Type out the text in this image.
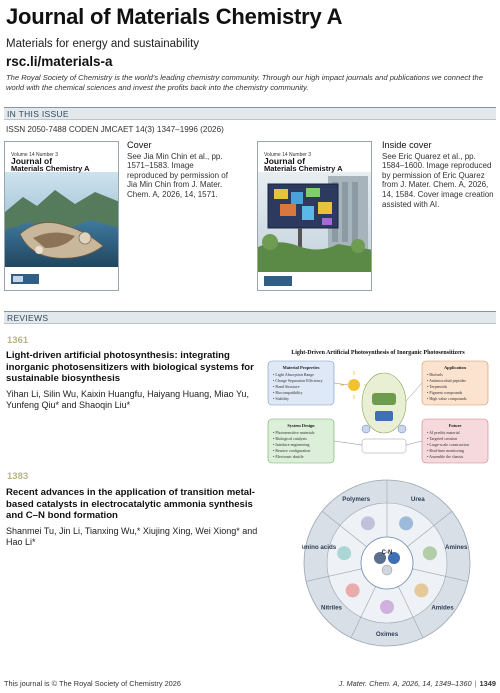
Journal of Materials Chemistry A
Materials for energy and sustainability
rsc.li/materials-a
The Royal Society of Chemistry is the world's leading chemistry community. Through our high impact journals and publications we connect the world with the chemical sciences and invest the profits back into the chemistry community.
IN THIS ISSUE
ISSN 2050-7488 CODEN JMCAET 14(3) 1347–1996 (2026)
Volume 14 Number 3
Journal of
Materials Chemistry A
Cover
See Jia Min Chin et al., pp. 1571–1583. Image reproduced by permission of Jia Min Chin from J. Mater. Chem. A, 2026, 14, 1571.
Volume 14 Number 3
Journal of
Materials Chemistry A
Inside cover
See Eric Quarez et al., pp. 1584–1600. Image reproduced by permission of Eric Quarez from J. Mater. Chem. A, 2026, 14, 1584. Cover image creation assisted with AI.
REVIEWS
1361
Light-driven artificial photosynthesis: integrating inorganic photosensitizers with biological systems for sustainable biosynthesis
Yihan Li, Silin Wu, Kaixin Huangfu, Haiyang Huang, Miao Yu, Yunfeng Qiu* and Shaoqin Liu*
Light-Driven Artificial Photosynthesis of Inorganic Photosensitizers
Material Properties
• Light Absorption Range
• Charge Separation Efficiency
• Band Structure
• Biocompatibility
• Stability
Application
• Biofuels
• Antimicrobial peptides
• Terpenoids
• Pigment compounds
• High value compounds
System Design
• Photosensitive materials
• Biological catalysts
• Interface engineering
• Reactor configuration
• Electronic shuttle
Future
• AI predict material
• Targeted creation
• Large-scale construction
• Real-time monitoring
• Assemble the chassis
1383
Recent advances in the application of transition metal-based catalysts in electrocatalytic ammonia synthesis and C–N bond formation
Shanmei Tu, Jin Li, Tianxing Wu,* Xiujing Xing, Wei Xiong* and Hao Li*
Urea
Amines
Amides
Oximes
Nitriles
Amino acids
Polymers
C-N
This journal is © The Royal Society of Chemistry 2026	J. Mater. Chem. A, 2026, 14, 1349–1360 | 1349
